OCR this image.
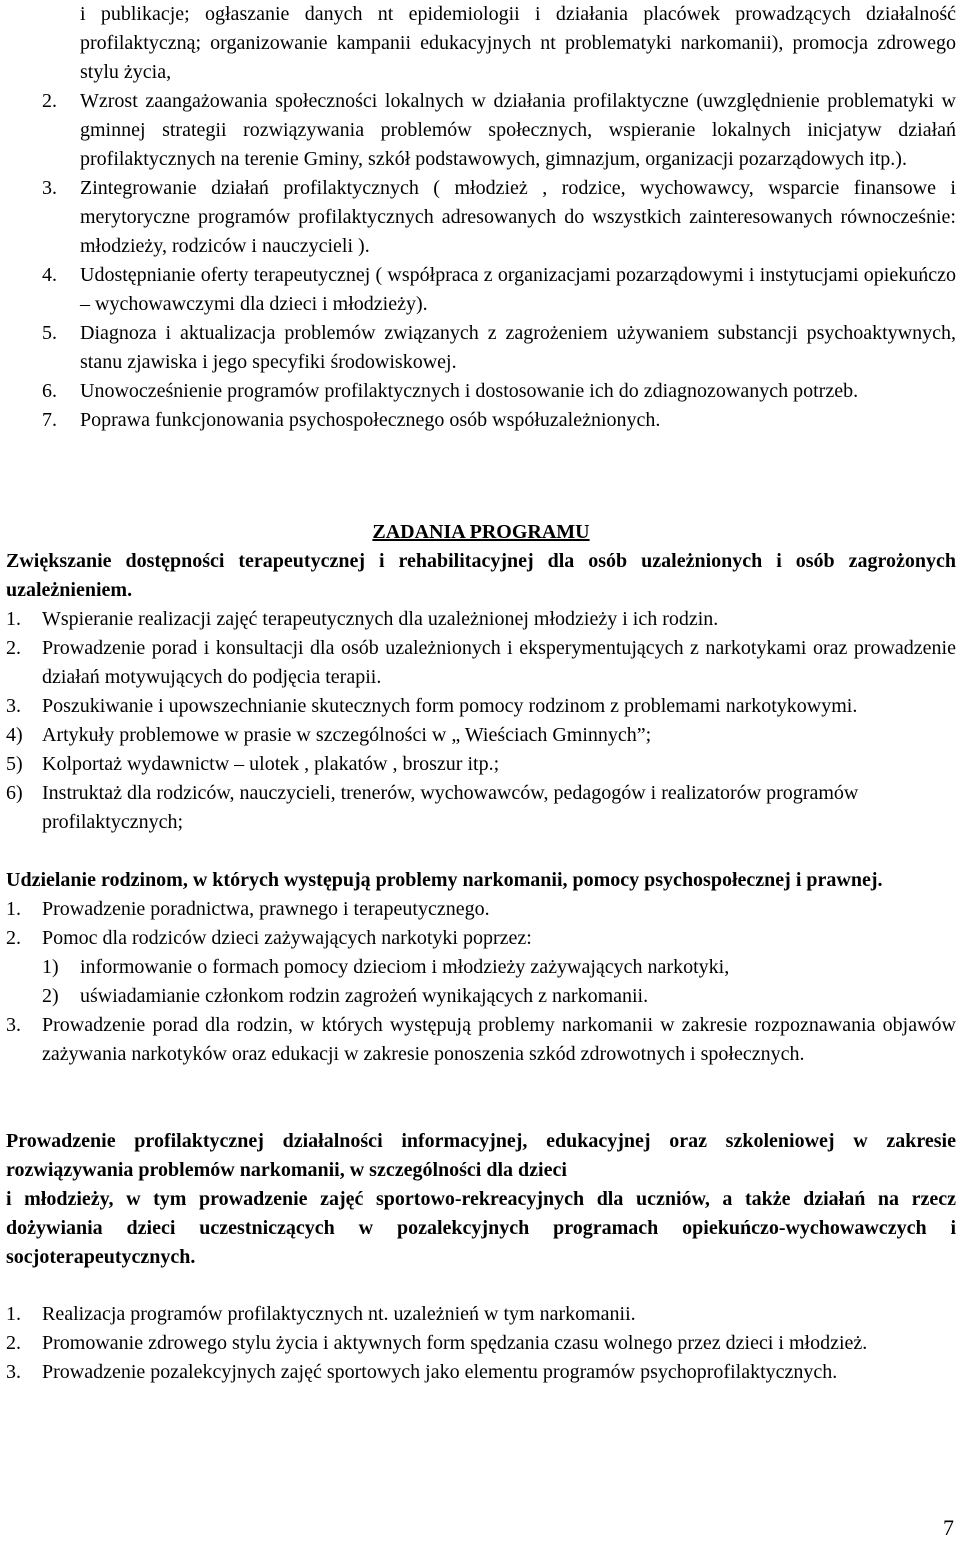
i publikacje; ogłaszanie danych nt epidemiologii i działania placówek prowadzących działalność profilaktyczną; organizowanie kampanii edukacyjnych nt problematyki narkomanii), promocja zdrowego stylu życia,

2.	Wzrost zaangażowania społeczności lokalnych w działania profilaktyczne (uwzględnienie problematyki w gminnej strategii rozwiązywania problemów społecznych, wspieranie lokalnych inicjatyw działań profilaktycznych na terenie Gminy, szkół podstawowych, gimnazjum, organizacji pozarządowych itp.).
3.	Zintegrowanie działań profilaktycznych ( młodzież , rodzice, wychowawcy, wsparcie finansowe i merytoryczne programów profilaktycznych adresowanych do wszystkich zainteresowanych równocześnie: młodzieży, rodziców i nauczycieli ).
4.	Udostępnianie oferty terapeutycznej ( współpraca z organizacjami pozarządowymi i instytucjami opiekuńczo – wychowawczymi dla dzieci i młodzieży).
5.	Diagnoza i aktualizacja problemów związanych z zagrożeniem używaniem substancji psychoaktywnych, stanu zjawiska i jego specyfiki środowiskowej.
6.	Unowocześnienie programów profilaktycznych i dostosowanie ich do zdiagnozowanych potrzeb.
7.	Poprawa funkcjonowania psychospołecznego osób współuzależnionych.

ZADANIA PROGRAMU

Zwiększanie dostępności terapeutycznej i rehabilitacyjnej dla osób uzależnionych i osób zagrożonych uzależnieniem.

1.	Wspieranie realizacji zajęć terapeutycznych dla uzależnionej młodzieży i ich rodzin.
2.	Prowadzenie porad i konsultacji dla osób uzależnionych i eksperymentujących z narkotykami oraz prowadzenie działań motywujących do podjęcia terapii.
3.	Poszukiwanie i upowszechnianie skutecznych form pomocy rodzinom z problemami narkotykowymi.
4) Artykuły problemowe w prasie w szczególności w „ Wieściach Gminnych”;
5) Kolportaż wydawnictw – ulotek , plakatów , broszur itp.;
6) Instruktaż dla rodziców, nauczycieli, trenerów, wychowawców, pedagogów i realizatorów programów profilaktycznych;

Udzielanie rodzinom, w których występują problemy narkomanii, pomocy psychospołecznej i prawnej.

1.	Prowadzenie poradnictwa, prawnego i terapeutycznego.
2.	Pomoc dla rodziców dzieci zażywających narkotyki poprzez:
1)	informowanie o formach pomocy dzieciom i młodzieży zażywających narkotyki,
2)	uświadamianie członkom rodzin zagrożeń wynikających z narkomanii.
3.	Prowadzenie porad dla rodzin, w których występują problemy narkomanii w zakresie rozpoznawania objawów zażywania narkotyków oraz edukacji w zakresie ponoszenia szkód zdrowotnych i społecznych.

Prowadzenie profilaktycznej działalności informacyjnej, edukacyjnej oraz szkoleniowej w zakresie rozwiązywania problemów narkomanii, w szczególności dla dzieci

i młodzieży, w tym prowadzenie zajęć sportowo-rekreacyjnych dla uczniów, a także działań na rzecz dożywiania dzieci uczestniczących w pozalekcyjnych programach opiekuńczo-wychowawczych i socjoterapeutycznych.

1.	Realizacja programów profilaktycznych nt. uzależnień w tym narkomanii.
2.	Promowanie zdrowego stylu życia i aktywnych form spędzania czasu wolnego przez dzieci i młodzież.
3.	Prowadzenie pozalekcyjnych zajęć sportowych jako elementu programów psychoprofilaktycznych.
7
